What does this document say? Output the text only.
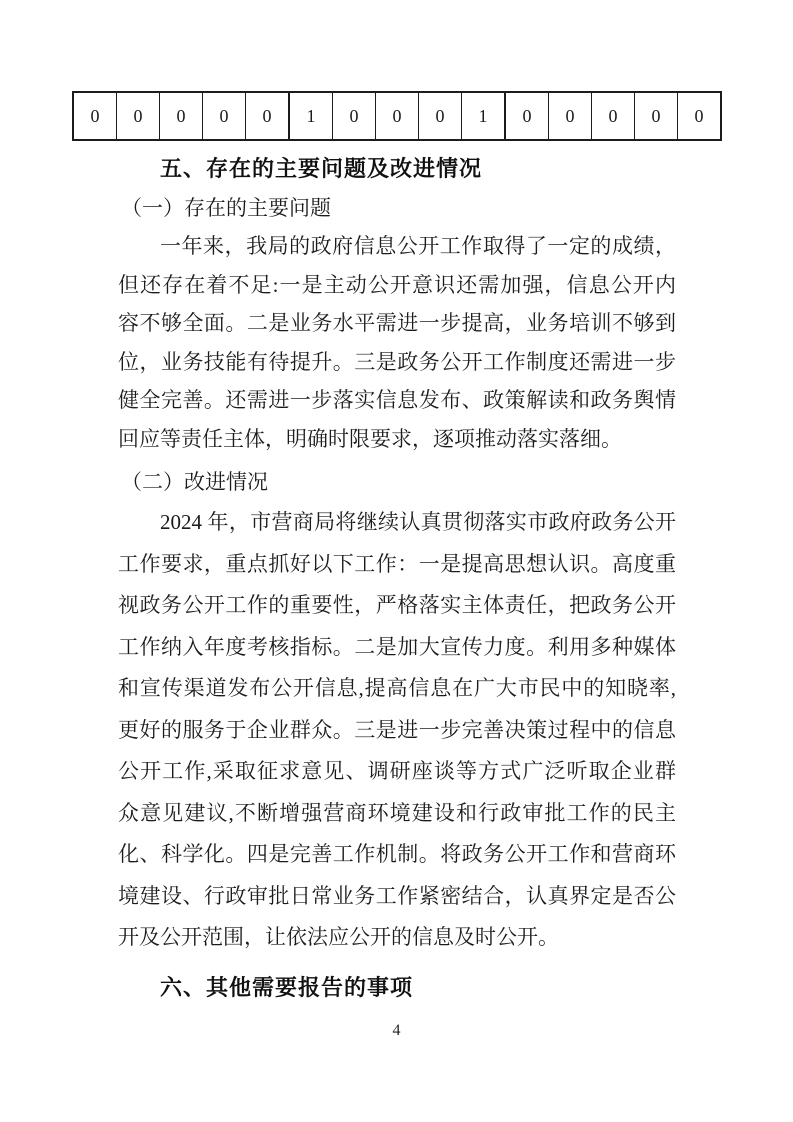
0	0	0	0	0	1	0	0	0	1	0	0	0	0	0
五、存在的主要问题及改进情况
（一）存在的主要问题
一年来，我局的政府信息公开工作取得了一定的成绩，
但还存在着不足:一是主动公开意识还需加强，信息公开内
容不够全面。二是业务水平需进一步提高，业务培训不够到
位，业务技能有待提升。三是政务公开工作制度还需进一步
健全完善。还需进一步落实信息发布、政策解读和政务舆情
回应等责任主体，明确时限要求，逐项推动落实落细。
（二）改进情况
2024 年，市营商局将继续认真贯彻落实市政府政务公开
工作要求，重点抓好以下工作：一是提高思想认识。高度重
视政务公开工作的重要性，严格落实主体责任，把政务公开
工作纳入年度考核指标。二是加大宣传力度。利用多种媒体
和宣传渠道发布公开信息,提高信息在广大市民中的知晓率,
更好的服务于企业群众。三是进一步完善决策过程中的信息
公开工作,采取征求意见、调研座谈等方式广泛听取企业群
众意见建议,不断增强营商环境建设和行政审批工作的民主
化、科学化。四是完善工作机制。将政务公开工作和营商环
境建设、行政审批日常业务工作紧密结合，认真界定是否公
开及公开范围，让依法应公开的信息及时公开。
六、其他需要报告的事项
4
